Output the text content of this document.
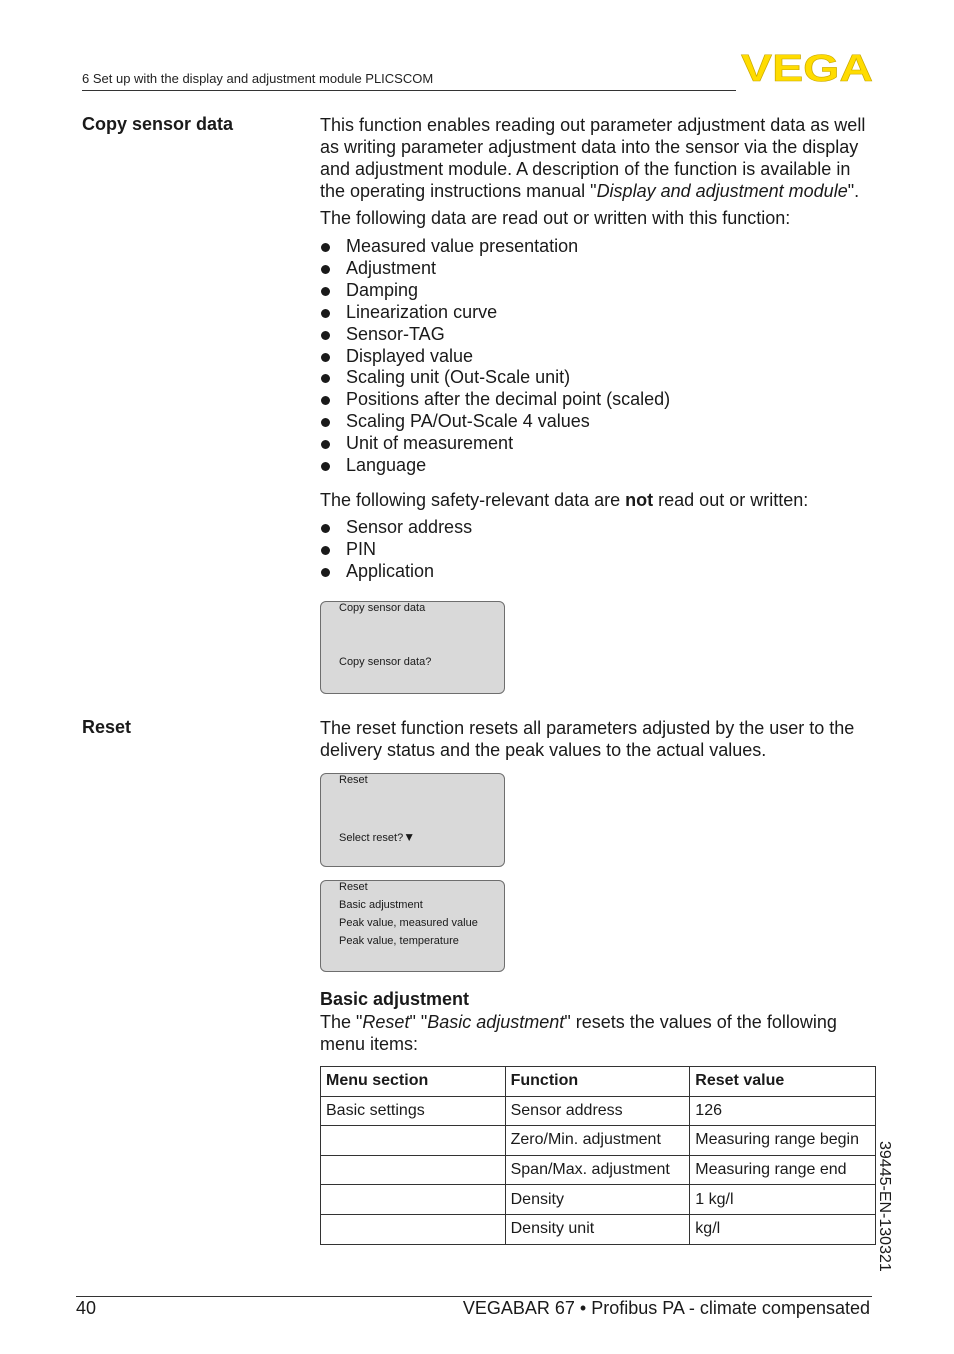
6 Set up with the display and adjustment module PLICSCOM	VEGA
Copy sensor data	This function enables reading out parameter adjustment data as well as writing parameter adjustment data into the sensor via the display and adjustment module. A description of the function is available in the operating instructions manual "Display and adjustment module".

The following data are read out or written with this function:
Measured value presentation
Adjustment
Damping
Linearization curve
Sensor-TAG
Displayed value
Scaling unit (Out-Scale unit)
Positions after the decimal point (scaled)
Scaling PA/Out-Scale 4 values
Unit of measurement
Language
The following safety-relevant data are not read out or written:
Sensor address
PIN
Application
Copy sensor data
Copy sensor data?
Reset	The reset function resets all parameters adjusted by the user to the delivery status and the peak values to the actual values.
Reset
Select reset?▼
Reset
Basic adjustment
Peak value, measured value
Peak value, temperature
Basic adjustment
The "Reset" "Basic adjustment" resets the values of the following menu items:
Menu section	Function	Reset value
Basic settings	Sensor address	126
	Zero/Min. adjustment	Measuring range begin
	Span/Max. adjustment	Measuring range end
	Density	1 kg/l
	Density unit	kg/l	39445-EN-130321
40	VEGABAR 67 • Profibus PA - climate compensated
